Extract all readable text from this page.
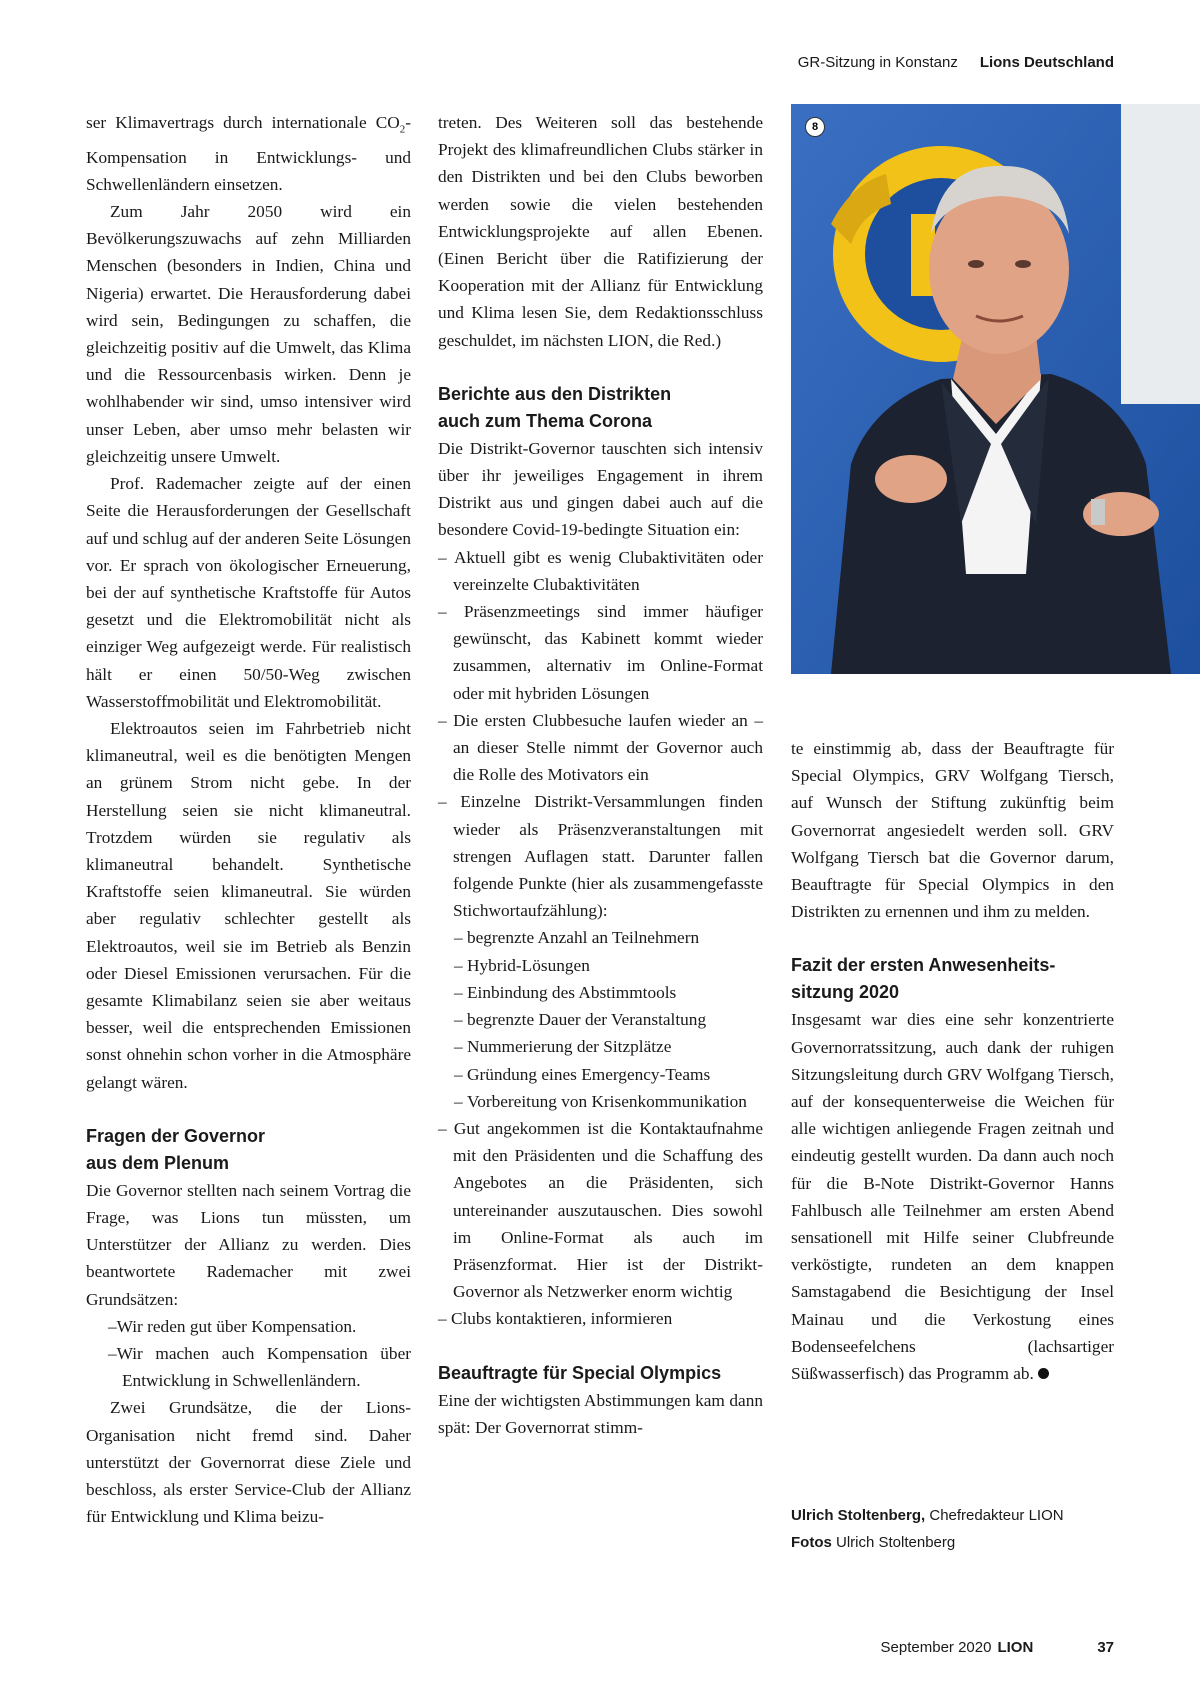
GR-Sitzung in Konstanz Lions Deutschland

ser Klimavertrags durch internationale $CO_2$-Kompensation in Entwicklungs- und Schwellenländern einsetzen.

Zum Jahr 2050 wird ein Bevölkerungszuwachs auf zehn Milliarden Menschen (besonders in Indien, China und Nigeria) erwartet. Die Herausforderung dabei wird sein, Bedingungen zu schaffen, die gleichzeitig positiv auf die Umwelt, das Klima und die Ressourcenbasis wirken. Denn je wohlhabender wir sind, umso intensiver wird unser Leben, aber umso mehr belasten wir gleichzeitig unsere Umwelt.

Prof. Rademacher zeigte auf der einen Seite die Herausforderungen der Gesellschaft auf und schlug auf der anderen Seite Lösungen vor. Er sprach von ökologischer Erneuerung, bei der auf synthetische Kraftstoffe für Autos gesetzt und die Elektromobilität nicht als einziger Weg aufgezeigt werde. Für realistisch hält er einen 50/50-Weg zwischen Wasserstoffmobilität und Elektromobilität.

Elektroautos seien im Fahrbetrieb nicht klimaneutral, weil es die benötigten Mengen an grünem Strom nicht gebe. In der Herstellung seien sie nicht klimaneutral. Trotzdem würden sie regulativ als klimaneutral behandelt. Synthetische Kraftstoffe seien klimaneutral. Sie würden aber regulativ schlechter gestellt als Elektroautos, weil sie im Betrieb als Benzin oder Diesel Emissionen verursachen. Für die gesamte Klimabilanz seien sie aber weitaus besser, weil die entsprechenden Emissionen sonst ohnehin schon vorher in die Atmosphäre gelangt wären.

Fragen der Governor
aus dem Plenum

Die Governor stellten nach seinem Vortrag die Frage, was Lions tun müssten, um Unterstützer der Allianz zu werden. Dies beantwortete Rademacher mit zwei Grundsätzen:

– Wir reden gut über Kompensation.
– Wir machen auch Kompensation über Entwicklung in Schwellenländern.

Zwei Grundsätze, die der Lions-Organisation nicht fremd sind. Daher unterstützt der Governorrat diese Ziele und beschloss, als erster Service-Club der Allianz für Entwicklung und Klima beizu-

treten. Des Weiteren soll das bestehende Projekt des klimafreundlichen Clubs stärker in den Distrikten und bei den Clubs beworben werden sowie die vielen bestehenden Entwicklungsprojekte auf allen Ebenen. (Einen Bericht über die Ratifizierung der Kooperation mit der Allianz für Entwicklung und Klima lesen Sie, dem Redaktionsschluss geschuldet, im nächsten LION, die Red.)

Berichte aus den Distrikten
auch zum Thema Corona

Die Distrikt-Governor tauschten sich intensiv über ihr jeweiliges Engagement in ihrem Distrikt aus und gingen dabei auch auf die besondere Covid-19-bedingte Situation ein:

– Aktuell gibt es wenig Clubaktivitäten oder vereinzelte Clubaktivitäten
– Präsenzmeetings sind immer häufiger gewünscht, das Kabinett kommt wieder zusammen, alternativ im Online-Format oder mit hybriden Lösungen
– Die ersten Clubbesuche laufen wieder an – an dieser Stelle nimmt der Governor auch die Rolle des Motivators ein
– Einzelne Distrikt-Versammlungen finden wieder als Präsenzveranstaltungen mit strengen Auflagen statt. Darunter fallen folgende Punkte (hier als zusammengefasste Stichwortaufzählung):
– begrenzte Anzahl an Teilnehmern
– Hybrid-Lösungen
– Einbindung des Abstimmtools
– begrenzte Dauer der Veranstaltung
– Nummerierung der Sitzplätze
– Gründung eines Emergency-Teams
– Vorbereitung von Krisenkommunikation
– Gut angekommen ist die Kontaktaufnahme mit den Präsidenten und die Schaffung des Angebotes an die Präsidenten, sich untereinander auszutauschen. Dies sowohl im Online-Format als auch im Präsenzformat. Hier ist der Distrikt-Governor als Netzwerker enorm wichtig
– Clubs kontaktieren, informieren
Beauftragte für Special Olympics

Eine der wichtigsten Abstimmungen kam dann spät: Der Governorrat stimm-

8

te einstimmig ab, dass der Beauftragte für Special Olympics, GRV Wolfgang Tiersch, auf Wunsch der Stiftung zukünftig beim Governorrat angesiedelt werden soll. GRV Wolfgang Tiersch bat die Governor darum, Beauftragte für Special Olympics in den Distrikten zu ernennen und ihm zu melden.

Fazit der ersten Anwesenheits-
sitzung 2020

Insgesamt war dies eine sehr konzentrierte Governorratssitzung, auch dank der ruhigen Sitzungsleitung durch GRV Wolfgang Tiersch, auf der konsequenterweise die Weichen für alle wichtigen anliegende Fragen zeitnah und eindeutig gestellt wurden. Da dann auch noch für die B-Note Distrikt-Governor Hanns Fahlbusch alle Teilnehmer am ersten Abend sensationell mit Hilfe seiner Clubfreunde verköstigte, rundeten an dem knappen Samstagabend die Besichtigung der Insel Mainau und die Verkostung eines Bodenseefelchens (lachsartiger Süßwasserfisch) das Programm ab.

Ulrich Stoltenberg, Chefredakteur LION
Fotos Ulrich Stoltenberg
September 2020 LION	37
